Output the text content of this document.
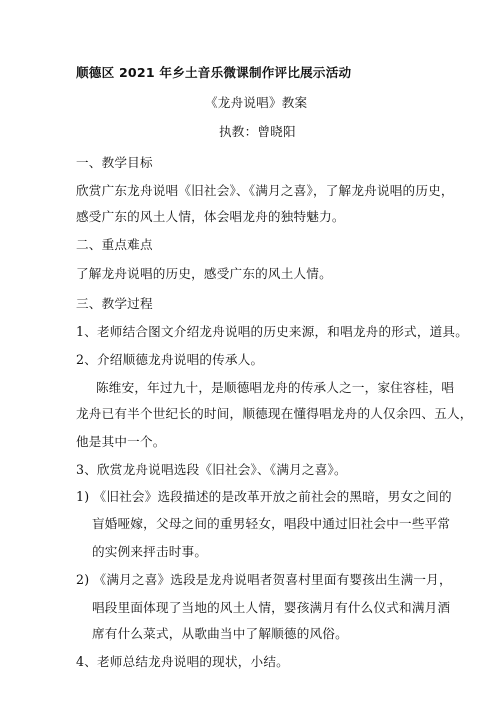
顺德区 2021 年乡土音乐微课制作评比展示活动
《龙舟说唱》教案
执教：曾晓阳
一、教学目标
欣赏广东龙舟说唱《旧社会》、《满月之喜》，了解龙舟说唱的历史，
感受广东的风土人情，体会唱龙舟的独特魅力。
二、重点难点
了解龙舟说唱的历史，感受广东的风土人情。
三、教学过程
1、老师结合图文介绍龙舟说唱的历史来源，和唱龙舟的形式，道具。
2、介绍顺德龙舟说唱的传承人。
陈维安，年过九十，是顺德唱龙舟的传承人之一，家住容桂，唱
龙舟已有半个世纪长的时间，顺德现在懂得唱龙舟的人仅余四、五人，
他是其中一个。
3、欣赏龙舟说唱选段《旧社会》、《满月之喜》。
1) 《旧社会》选段描述的是改革开放之前社会的黑暗，男女之间的
盲婚哑嫁，父母之间的重男轻女，唱段中通过旧社会中一些平常
的实例来抨击时事。
2) 《满月之喜》选段是龙舟说唱者贺喜村里面有婴孩出生满一月，
唱段里面体现了当地的风土人情，婴孩满月有什么仪式和满月酒
席有什么菜式，从歌曲当中了解顺德的风俗。
4、老师总结龙舟说唱的现状，小结。
